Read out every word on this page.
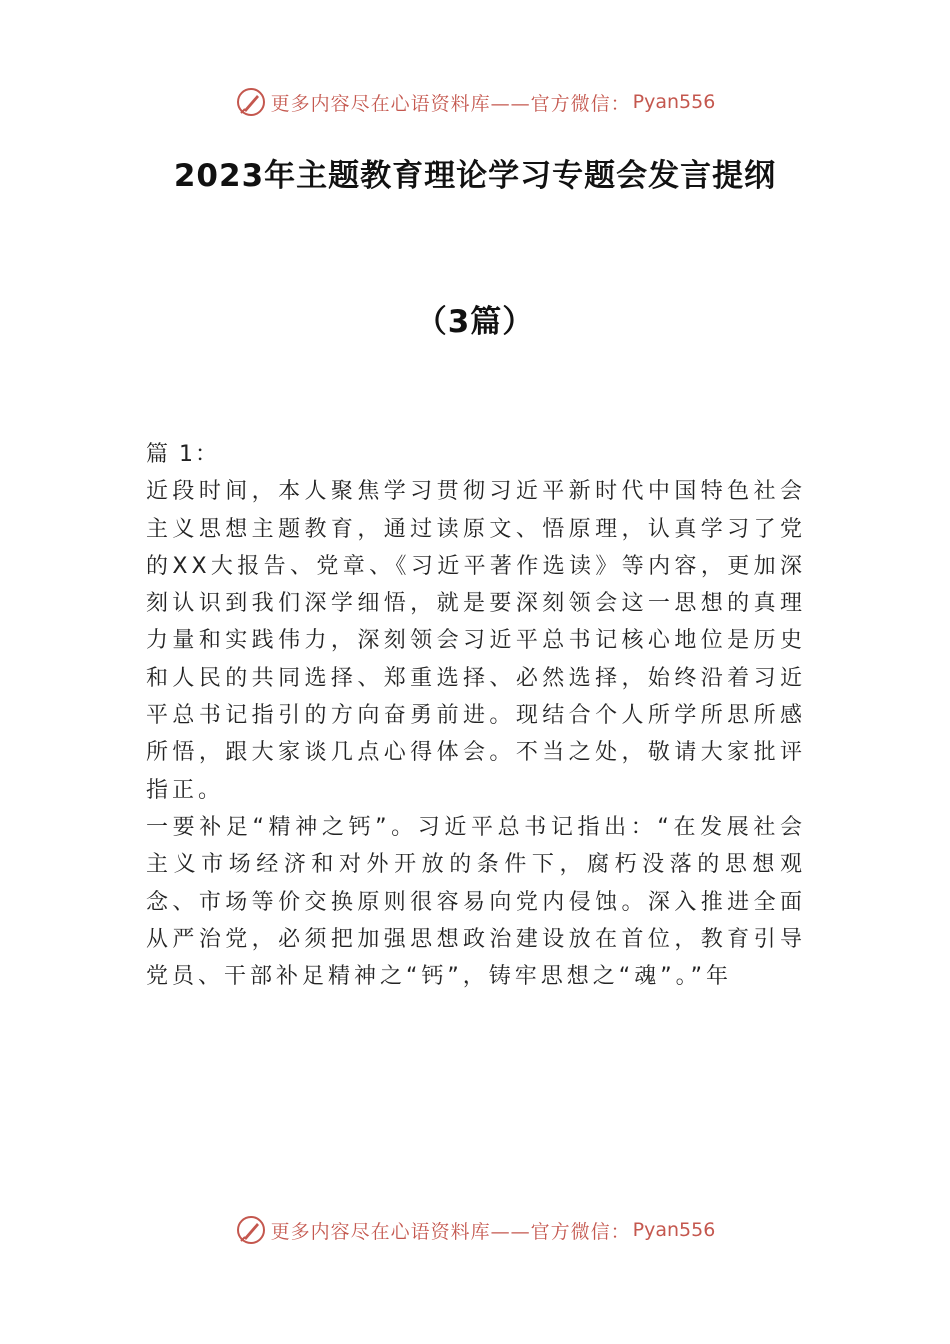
更多内容尽在心语资料库——官方微信： Pyan556
2023年主题教育理论学习专题会发言提纲
（3篇）

篇 1：

近段时间，本人聚焦学习贯彻习近平新时代中国特色社会主义思想主题教育，通过读原文、悟原理，认真学习了党的XX大报告、党章、《习近平著作选读》等内容，更加深刻认识到我们深学细悟，就是要深刻领会这一思想的真理力量和实践伟力，深刻领会习近平总书记核心地位是历史和人民的共同选择、郑重选择、必然选择，始终沿着习近平总书记指引的方向奋勇前进。现结合个人所学所思所感所悟，跟大家谈几点心得体会。不当之处，敬请大家批评指正。

一要补足“精神之钙”。习近平总书记指出：“在发展社会主义市场经济和对外开放的条件下，腐朽没落的思想观念、市场等价交换原则很容易向党内侵蚀。深入推进全面从严治党，必须把加强思想政治建设放在首位，教育引导党员、干部补足精神之“钙”，铸牢思想之“魂”。”年

更多内容尽在心语资料库——官方微信： Pyan556
